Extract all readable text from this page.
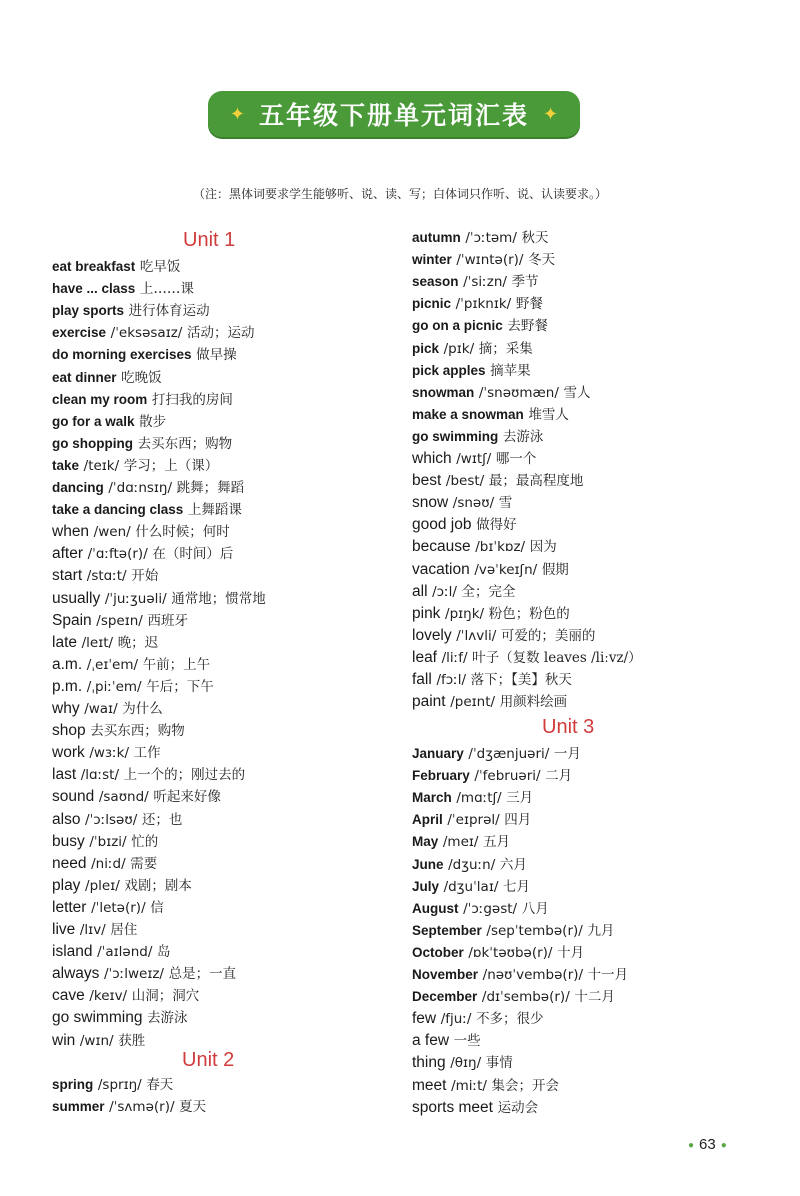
✦ 五年级下册单元词汇表 ✦
（注：黑体词要求学生能够听、说、读、写；白体词只作听、说、认读要求。）
Unit 1
Unit 2
Unit 3
eat breakfast 吃早饭
have ... class 上……课
play sports 进行体育运动
exercise /ˈeksəsaɪz/ 活动；运动
do morning exercises 做早操
eat dinner 吃晚饭
clean my room 打扫我的房间
go for a walk 散步
go shopping 去买东西；购物
take /teɪk/ 学习；上（课）
dancing /ˈdɑːnsɪŋ/ 跳舞；舞蹈
take a dancing class 上舞蹈课
when /wen/ 什么时候；何时
after /ˈɑːftə(r)/ 在（时间）后
start /stɑːt/ 开始
usually /ˈjuːʒuəli/ 通常地；惯常地
Spain /speɪn/ 西班牙
late /leɪt/ 晚；迟
a.m. /ˌeɪˈem/ 午前；上午
p.m. /ˌpiːˈem/ 午后；下午
why /waɪ/ 为什么
shop 去买东西；购物
work /wɜːk/ 工作
last /lɑːst/ 上一个的；刚过去的
sound /saʊnd/ 听起来好像
also /ˈɔːlsəʊ/ 还；也
busy /ˈbɪzi/ 忙的
need /niːd/ 需要
play /pleɪ/ 戏剧；剧本
letter /ˈletə(r)/ 信
live /lɪv/ 居住
island /ˈaɪlənd/ 岛
always /ˈɔːlweɪz/ 总是；一直
cave /keɪv/ 山洞；洞穴
go swimming 去游泳
win /wɪn/ 获胜
spring /sprɪŋ/ 春天
summer /ˈsʌmə(r)/ 夏天
autumn /ˈɔːtəm/ 秋天
winter /ˈwɪntə(r)/ 冬天
season /ˈsiːzn/ 季节
picnic /ˈpɪknɪk/ 野餐
go on a picnic 去野餐
pick /pɪk/ 摘；采集
pick apples 摘苹果
snowman /ˈsnəʊmæn/ 雪人
make a snowman 堆雪人
go swimming 去游泳
which /wɪtʃ/ 哪一个
best /best/ 最；最高程度地
snow /snəʊ/ 雪
good job 做得好
because /bɪˈkɒz/ 因为
vacation /vəˈkeɪʃn/ 假期
all /ɔːl/ 全；完全
pink /pɪŋk/ 粉色；粉色的
lovely /ˈlʌvli/ 可爱的；美丽的
leaf /liːf/ 叶子（复数 leaves /liːvz/）
fall /fɔːl/ 落下；【美】秋天
paint /peɪnt/ 用颜料绘画
January /ˈdʒænjuəri/ 一月
February /ˈfebruəri/ 二月
March /mɑːtʃ/ 三月
April /ˈeɪprəl/ 四月
May /meɪ/ 五月
June /dʒuːn/ 六月
July /dʒuˈlaɪ/ 七月
August /ˈɔːgəst/ 八月
September /sepˈtembə(r)/ 九月
October /ɒkˈtəʊbə(r)/ 十月
November /nəʊˈvembə(r)/ 十一月
December /dɪˈsembə(r)/ 十二月
few /fjuː/ 不多；很少
a few 一些
thing /θɪŋ/ 事情
meet /miːt/ 集会；开会
sports meet 运动会
● 63 ●
